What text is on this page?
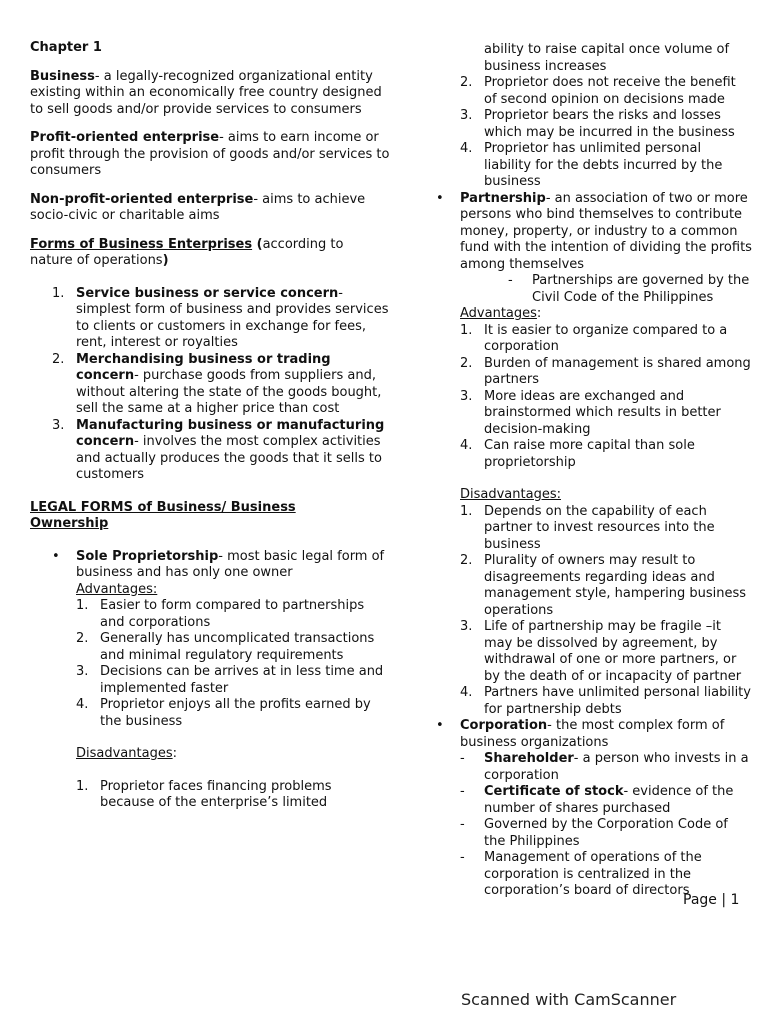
Chapter 1

Business- a legally-recognized organizational entity existing within an economically free country designed to sell goods and/or provide services to consumers

Profit-oriented enterprise- aims to earn income or profit through the provision of goods and/or services to consumers

Non-profit-oriented enterprise- aims to achieve socio-civic or charitable aims

Forms of Business Enterprises (according to nature of operations)

1. Service business or service concern- simplest form of business and provides services to clients or customers in exchange for fees, rent, interest or royalties
2. Merchandising business or trading concern- purchase goods from suppliers and, without altering the state of the goods bought, sell the same at a higher price than cost
3. Manufacturing business or manufacturing concern- involves the most complex activities and actually produces the goods that it sells to customers

LEGAL FORMS of Business/ Business Ownership

•	Sole Proprietorship- most basic legal form of business and has only one owner

Advantages:

1. Easier to form compared to partnerships and corporations
2. Generally has uncomplicated transactions and minimal regulatory requirements
3. Decisions can be arrives at in less time and implemented faster
4. Proprietor enjoys all the profits earned by the business

Disadvantages:

1. Proprietor faces financing problems because of the enterprise’s limited

ability to raise capital once volume of business increases

2. Proprietor does not receive the benefit of second opinion on decisions made
3. Proprietor bears the risks and losses which may be incurred in the business
4. Proprietor has unlimited personal liability for the debts incurred by the business
•	Partnership- an association of two or more persons who bind themselves to contribute money, property, or industry to a common fund with the intention of dividing the profits among themselves
-	Partnerships are governed by the Civil Code of the Philippines

Advantages:

1. It is easier to organize compared to a corporation
2. Burden of management is shared among partners
3. More ideas are exchanged and brainstormed which results in better decision-making
4. Can raise more capital than sole proprietorship

Disadvantages:

1. Depends on the capability of each partner to invest resources into the business
2. Plurality of owners may result to disagreements regarding ideas and management style, hampering business operations
3. Life of partnership may be fragile –it may be dissolved by agreement, by withdrawal of one or more partners, or by the death of or incapacity of partner
4. Partners have unlimited personal liability for partnership debts
•	Corporation- the most complex form of business organizations
-	Shareholder- a person who invests in a corporation
-	Certificate of stock- evidence of the number of shares purchased
-	Governed by the Corporation Code of the Philippines
-	Management of operations of the corporation is centralized in the corporation’s board of directors
Page | 1
Scanned with CamScanner
